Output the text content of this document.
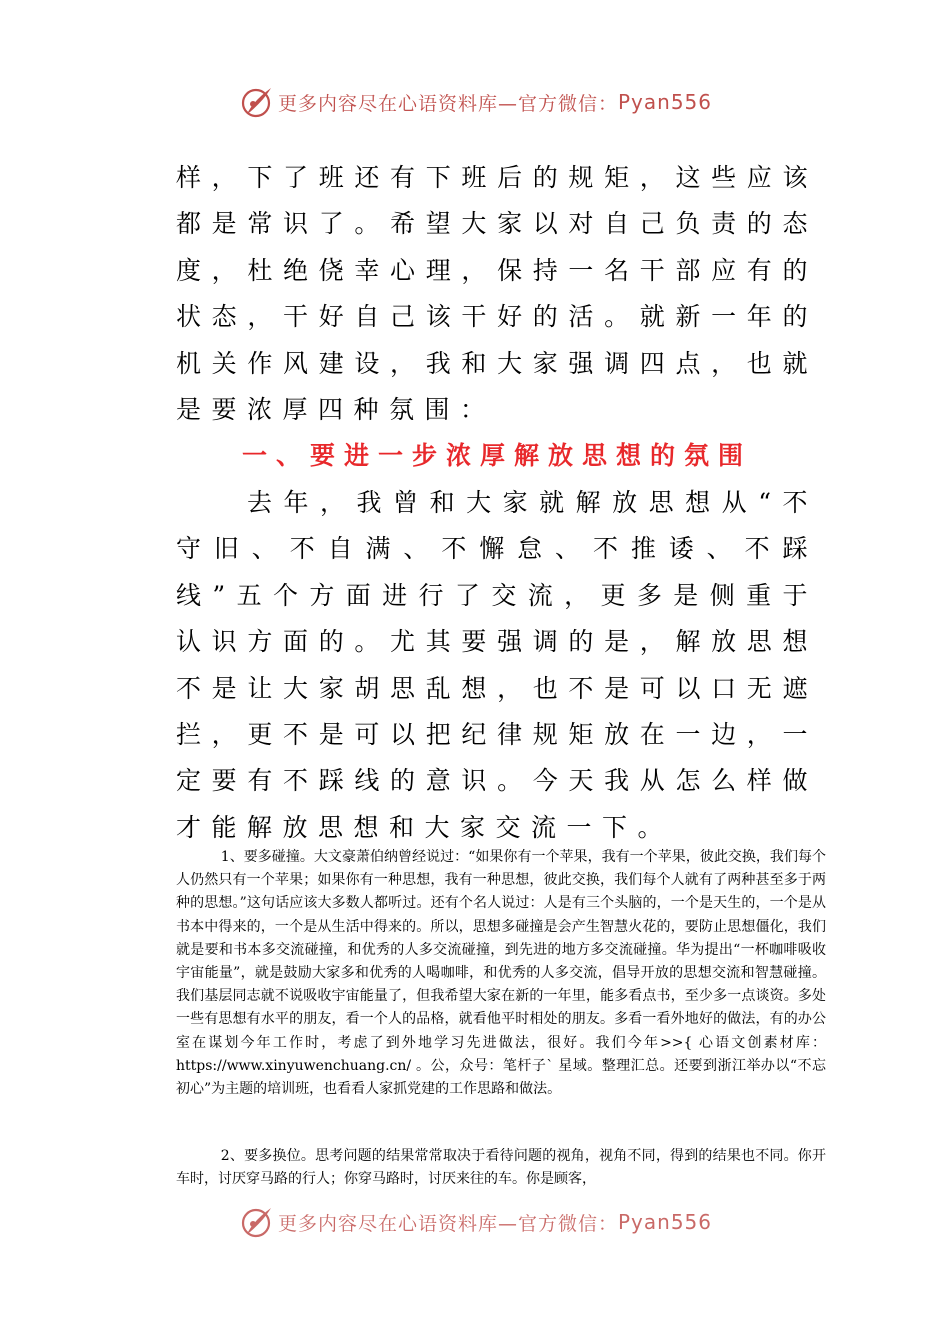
更多内容尽在心语资料库—官方微信： Pyan556

样，下了班还有下班后的规矩，这些应该都是常识了。希望大家以对自己负责的态度，杜绝侥幸心理，保持一名干部应有的状态，干好自己该干好的活。就新一年的机关作风建设，我和大家强调四点，也就是要浓厚四种氛围：

一、要进一步浓厚解放思想的氛围

去年，我曾和大家就解放思想从“不守旧、不自满、不懈怠、不推诿、不踩线”五个方面进行了交流，更多是侧重于认识方面的。尤其要强调的是，解放思想不是让大家胡思乱想，也不是可以口无遮拦，更不是可以把纪律规矩放在一边，一定要有不踩线的意识。今天我从怎么样做才能解放思想和大家交流一下。

1、要多碰撞。大文豪萧伯纳曾经说过：“如果你有一个苹果，我有一个苹果，彼此交换，我们每个人仍然只有一个苹果；如果你有一种思想，我有一种思想，彼此交换，我们每个人就有了两种甚至多于两种的思想。”这句话应该大多数人都听过。还有个名人说过：人是有三个头脑的，一个是天生的，一个是从书本中得来的，一个是从生活中得来的。所以，思想多碰撞是会产生智慧火花的，要防止思想僵化，我们就是要和书本多交流碰撞，和优秀的人多交流碰撞，到先进的地方多交流碰撞。华为提出“一杯咖啡吸收宇宙能量”，就是鼓励大家多和优秀的人喝咖啡，和优秀的人多交流，倡导开放的思想交流和智慧碰撞。我们基层同志就不说吸收宇宙能量了，但我希望大家在新的一年里，能多看点书，至少多一点谈资。多处一些有思想有水平的朋友，看一个人的品格，就看他平时相处的朋友。多看一看外地好的做法，有的办公室在谋划今年工作时，考虑了到外地学习先进做法，很好。我们今年>>{ 心语文创素材库：https://www.xinyuwenchuang.cn/ 。公，众号：笔杆子` 星域。整理汇总。还要到浙江举办以“不忘初心”为主题的培训班，也看看人家抓党建的工作思路和做法。

2、要多换位。思考问题的结果常常取决于看待问题的视角，视角不同，得到的结果也不同。你开车时，讨厌穿马路的行人；你穿马路时，讨厌来往的车。你是顾客，

更多内容尽在心语资料库—官方微信： Pyan556
